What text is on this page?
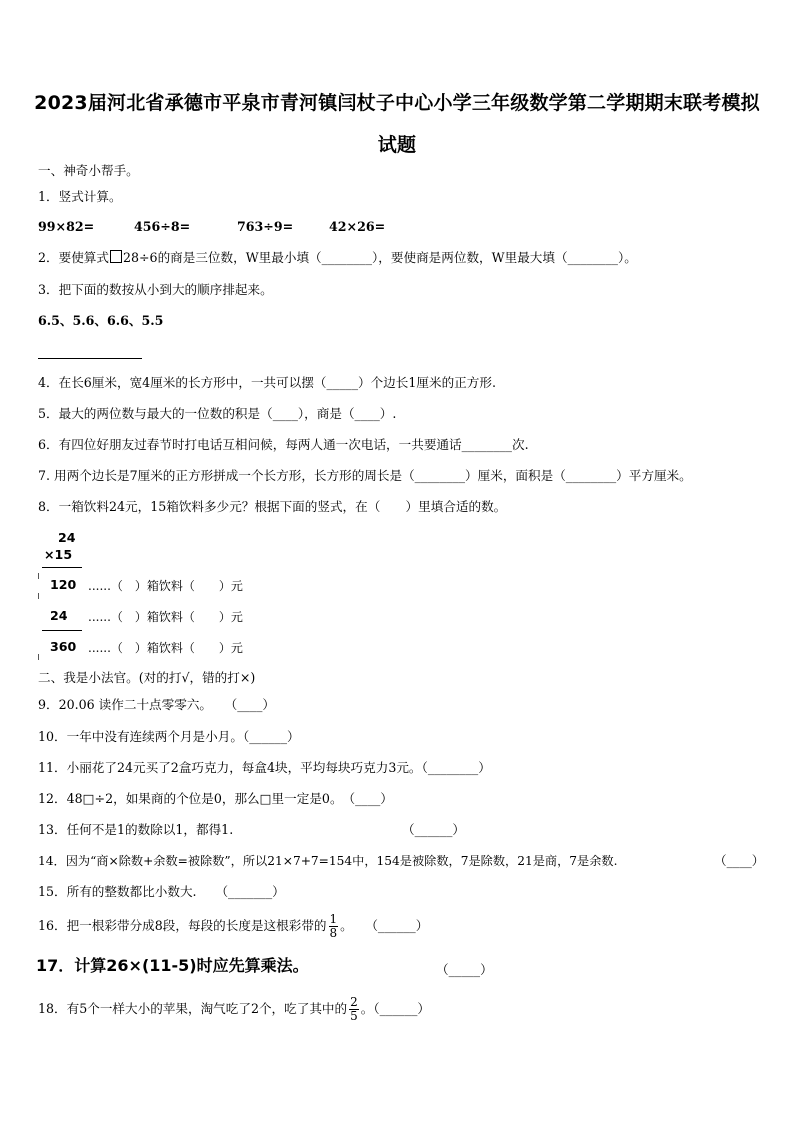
2023届河北省承德市平泉市青河镇闫杖子中心小学三年级数学第二学期期末联考模拟
试题
一、神奇小帮手。
1．竖式计算。
99×82=	456÷8=	763÷9=	42×26=
2．要使算式 28÷6的商是三位数，W里最小填（________），要使商是两位数，W里最大填（________）。
3．把下面的数按从小到大的顺序排起来。
6.5、5.6、6.6、5.5
4．在长6厘米，宽4厘米的长方形中，一共可以摆（_____）个边长1厘米的正方形.
5．最大的两位数与最大的一位数的积是（____），商是（____）.
6．有四位好朋友过春节时打电话互相问候，每两人通一次电话，一共要通话________次.
7. 用两个边长是7厘米的正方形拼成一个长方形，长方形的周长是（________）厘米，面积是（________）平方厘米。
8．一箱饮料24元，15箱饮料多少元？根据下面的竖式，在（　　）里填合适的数。
24
×15
120 ......（　）箱饮料（　　）元
24 ......（　）箱饮料（　　）元
360 ......（　）箱饮料（　　）元
二、我是小法官。(对的打√，错的打×)
9．20.06 读作二十点零零六。　　（____）
10．一年中没有连续两个月是小月。（______）
11．小丽花了24元买了2盒巧克力，每盒4块，平均每块巧克力3元。（________）
12．48□÷2，如果商的个位是0，那么□里一定是0。　（____）
13．任何不是1的数除以1，都得1.	（______）
14．因为“商×除数+余数=被除数”，所以21×7+7=154中，154是被除数，7是除数，21是商，7是余数.	（____）
15．所有的整数都比小数大.　　（_______）
16．把一根彩带分成8段，每段的长度是这根彩带的 $\frac{1}{8}$ 。　　（______）
17．计算26×(11-5)时应先算乘法。	（_____）
18．有5个一样大小的苹果，淘气吃了2个，吃了其中的 $\frac{2}{5}$ 。（______）
